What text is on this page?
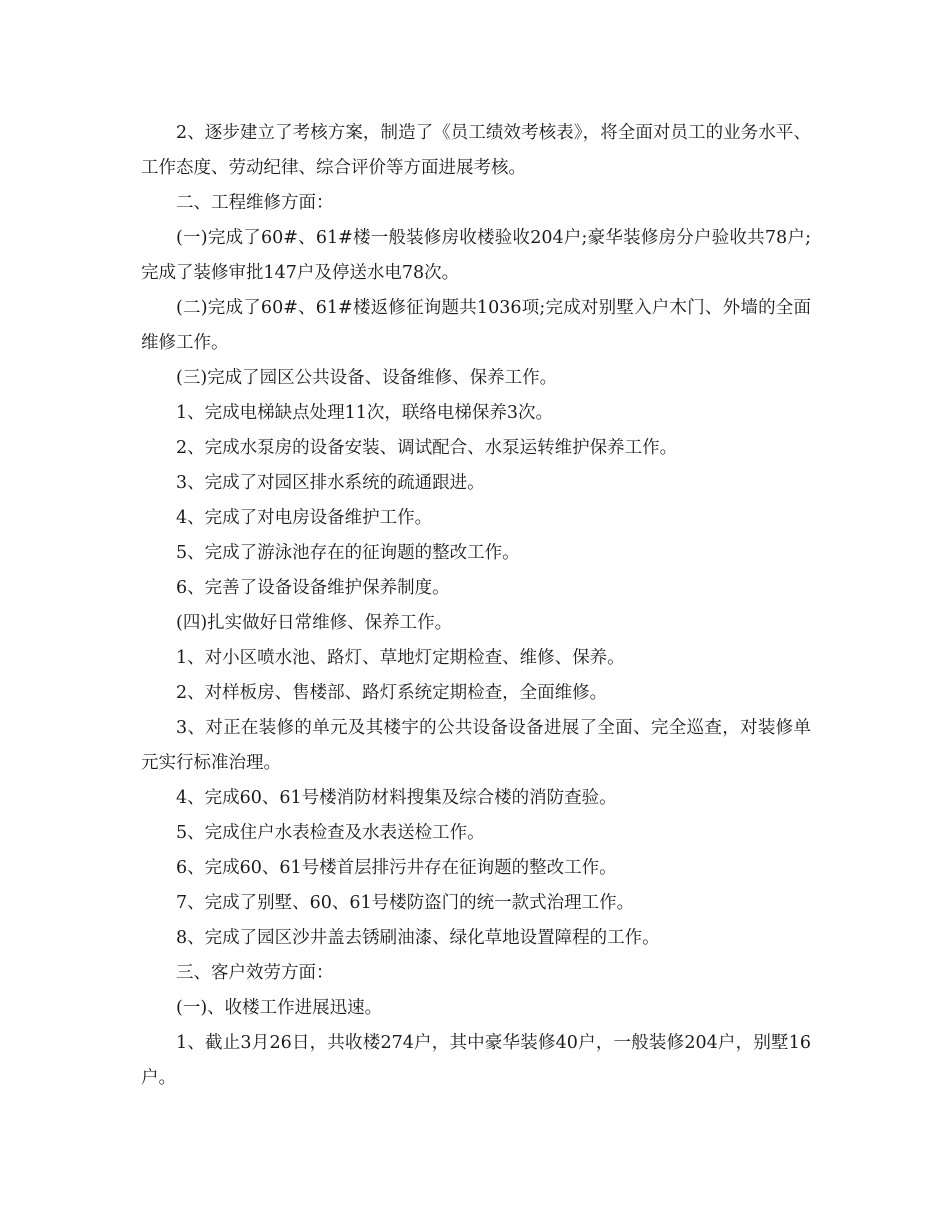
2、逐步建立了考核方案，制造了《员工绩效考核表》，将全面对员工的业务水平、工作态度、劳动纪律、综合评价等方面进展考核。

二、工程维修方面：

(一)完成了60#、61#楼一般装修房收楼验收204户;豪华装修房分户验收共78户;完成了装修审批147户及停送水电78次。

(二)完成了60#、61#楼返修征询题共1036项;完成对别墅入户木门、外墙的全面维修工作。

(三)完成了园区公共设备、设备维修、保养工作。

1、完成电梯缺点处理11次，联络电梯保养3次。

2、完成水泵房的设备安装、调试配合、水泵运转维护保养工作。

3、完成了对园区排水系统的疏通跟进。

4、完成了对电房设备维护工作。

5、完成了游泳池存在的征询题的整改工作。

6、完善了设备设备维护保养制度。

(四)扎实做好日常维修、保养工作。

1、对小区喷水池、路灯、草地灯定期检查、维修、保养。

2、对样板房、售楼部、路灯系统定期检查，全面维修。

3、对正在装修的单元及其楼宇的公共设备设备进展了全面、完全巡查，对装修单元实行标准治理。

4、完成60、61号楼消防材料搜集及综合楼的消防查验。

5、完成住户水表检查及水表送检工作。

6、完成60、61号楼首层排污井存在征询题的整改工作。

7、完成了别墅、60、61号楼防盗门的统一款式治理工作。

8、完成了园区沙井盖去锈刷油漆、绿化草地设置障程的工作。

三、客户效劳方面：

(一)、收楼工作进展迅速。

1、截止3月26日，共收楼274户，其中豪华装修40户，一般装修204户，别墅16户。
